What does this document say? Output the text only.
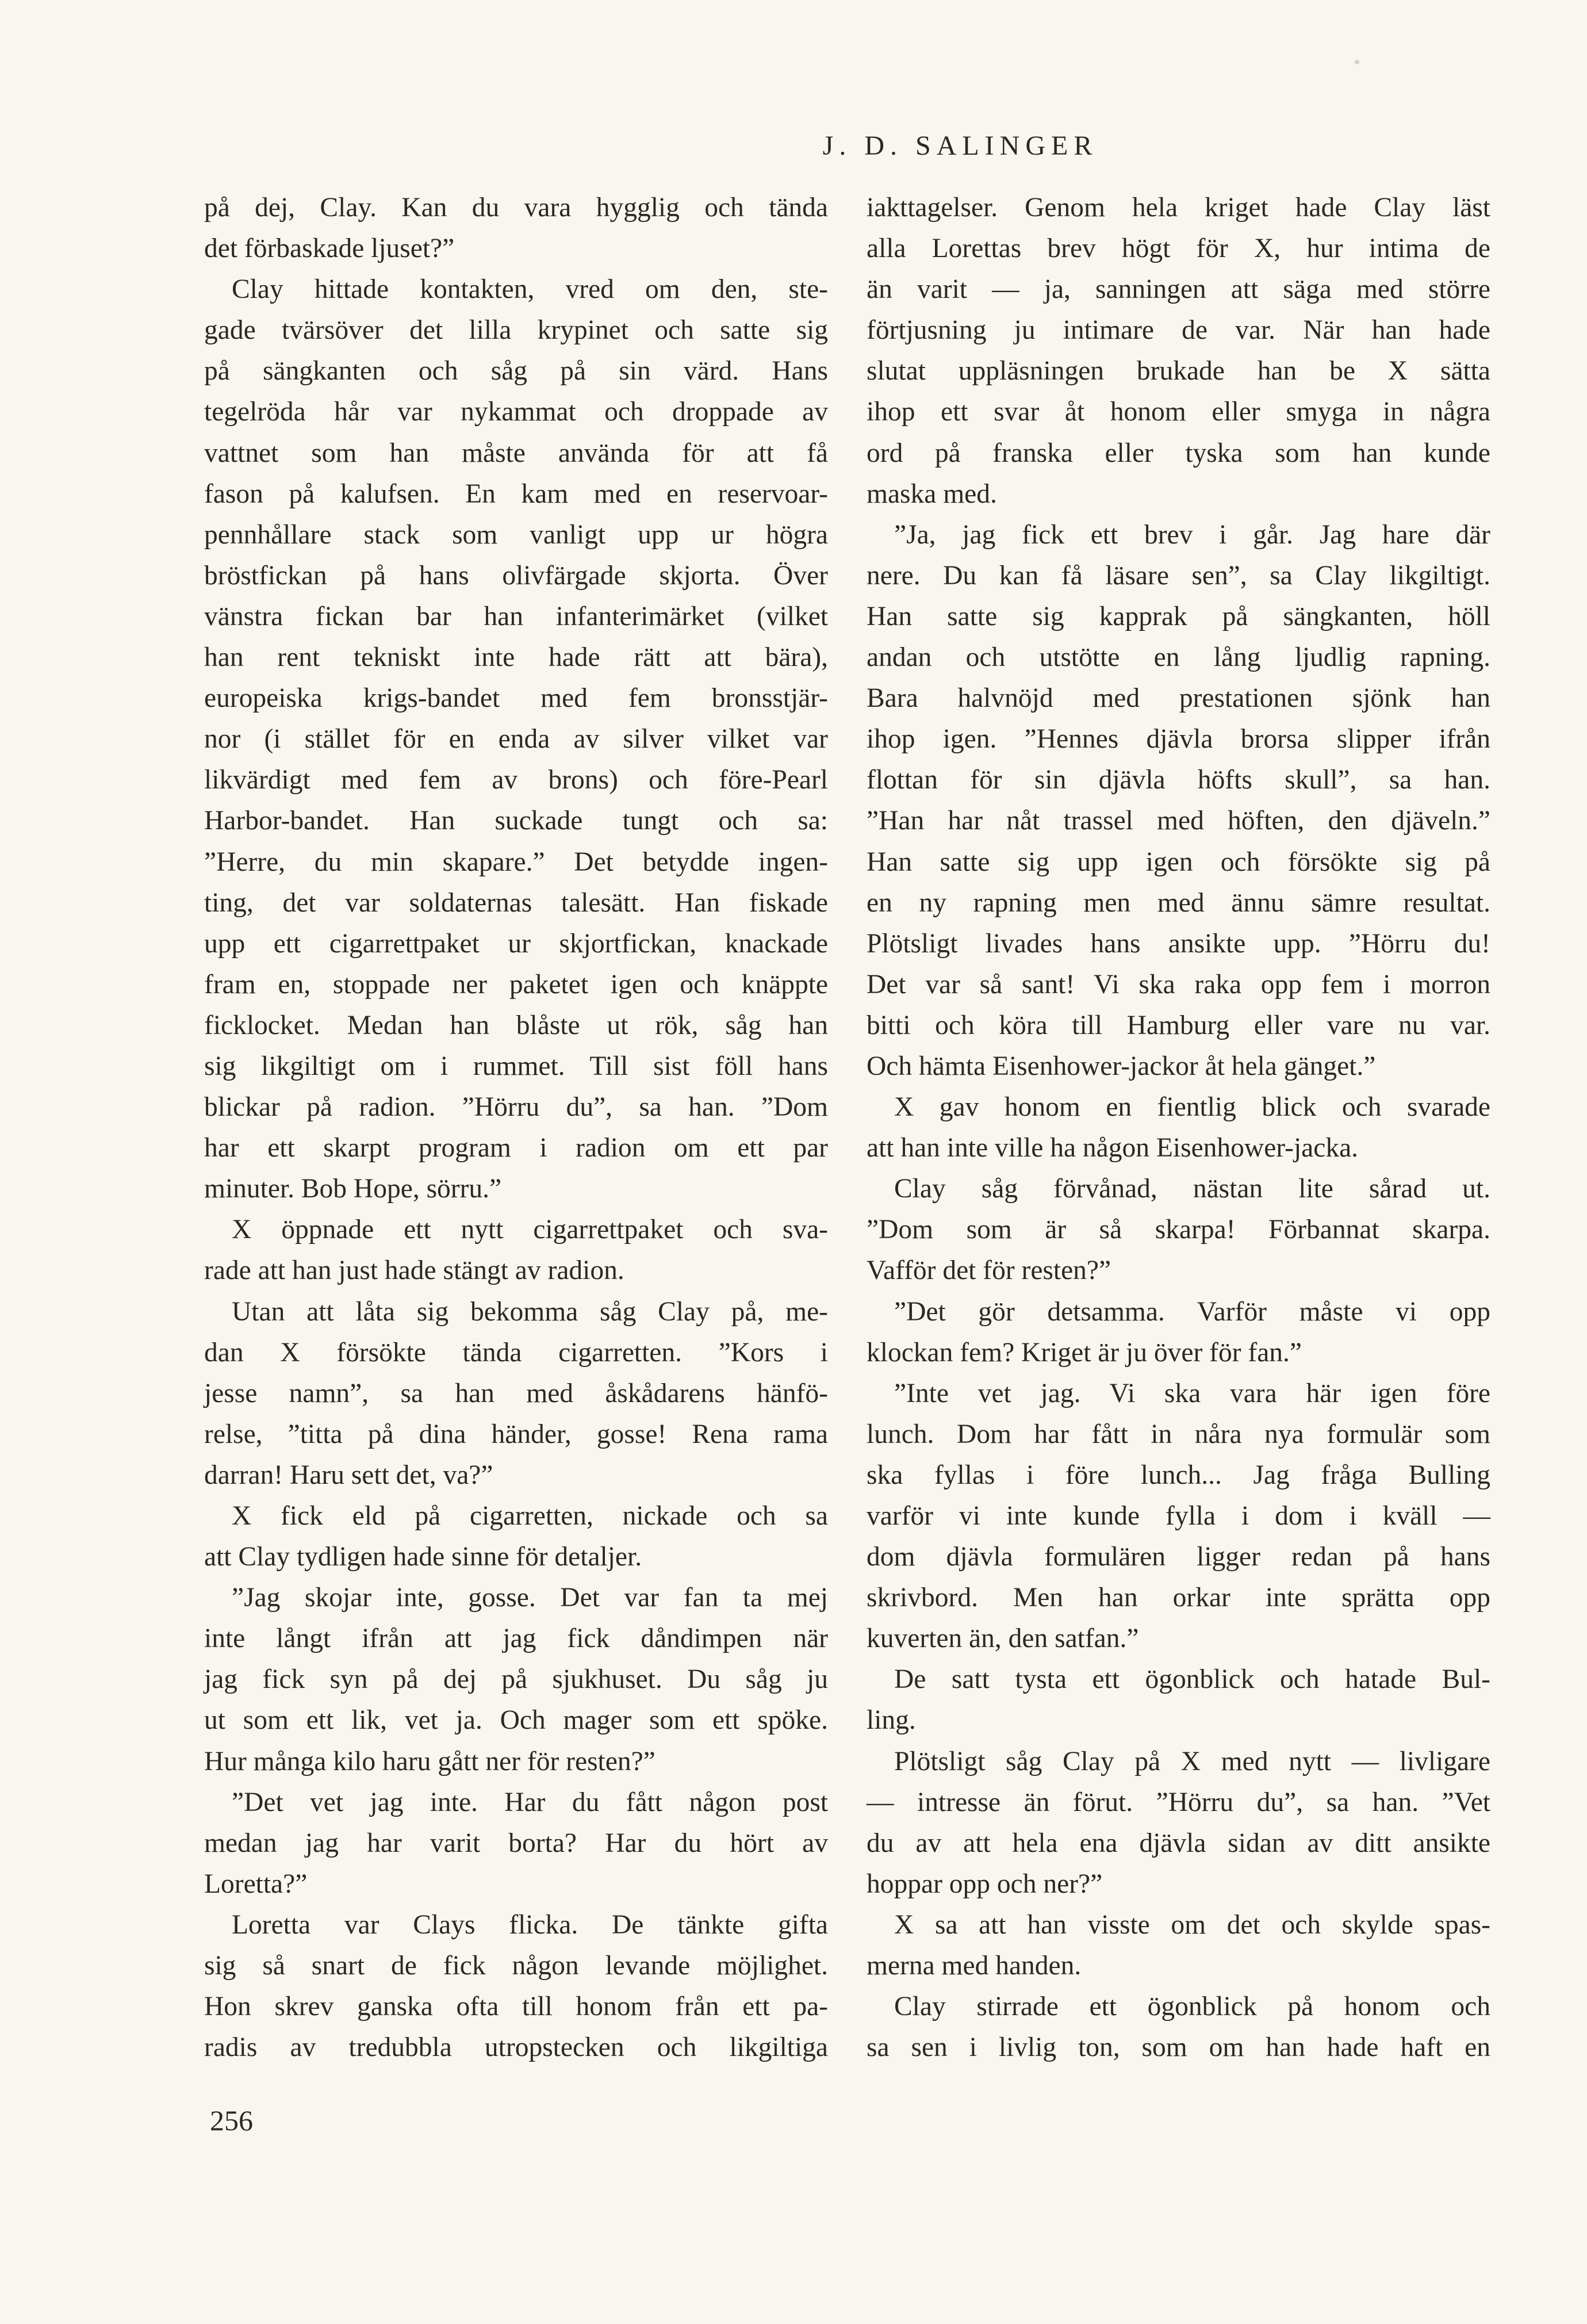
J. D. SALINGER
på dej, Clay. Kan du vara hygglig och tända
det förbaskade ljuset?”
Clay hittade kontakten, vred om den, ste-
gade tvärsöver det lilla krypinet och satte sig
på sängkanten och såg på sin värd. Hans
tegelröda hår var nykammat och droppade av
vattnet som han måste använda för att få
fason på kalufsen. En kam med en reservoar-
pennhållare stack som vanligt upp ur högra
bröstfickan på hans olivfärgade skjorta. Över
vänstra fickan bar han infanterimärket (vilket
han rent tekniskt inte hade rätt att bära),
europeiska krigs-bandet med fem bronsstjär-
nor (i stället för en enda av silver vilket var
likvärdigt med fem av brons) och före-Pearl
Harbor-bandet. Han suckade tungt och sa:
”Herre, du min skapare.” Det betydde ingen-
ting, det var soldaternas talesätt. Han fiskade
upp ett cigarrettpaket ur skjortfickan, knackade
fram en, stoppade ner paketet igen och knäppte
ficklocket. Medan han blåste ut rök, såg han
sig likgiltigt om i rummet. Till sist föll hans
blickar på radion. ”Hörru du”, sa han. ”Dom
har ett skarpt program i radion om ett par
minuter. Bob Hope, sörru.”
X öppnade ett nytt cigarrettpaket och sva-
rade att han just hade stängt av radion.
Utan att låta sig bekomma såg Clay på, me-
dan X försökte tända cigarretten. ”Kors i
jesse namn”, sa han med åskådarens hänfö-
relse, ”titta på dina händer, gosse! Rena rama
darran! Haru sett det, va?”
X fick eld på cigarretten, nickade och sa
att Clay tydligen hade sinne för detaljer.
”Jag skojar inte, gosse. Det var fan ta mej
inte långt ifrån att jag fick dåndimpen när
jag fick syn på dej på sjukhuset. Du såg ju
ut som ett lik, vet ja. Och mager som ett spöke.
Hur många kilo haru gått ner för resten?”
”Det vet jag inte. Har du fått någon post
medan jag har varit borta? Har du hört av
Loretta?”
Loretta var Clays flicka. De tänkte gifta
sig så snart de fick någon levande möjlighet.
Hon skrev ganska ofta till honom från ett pa-
radis av tredubbla utropstecken och likgiltiga
iakttagelser. Genom hela kriget hade Clay läst
alla Lorettas brev högt för X, hur intima de
än varit — ja, sanningen att säga med större
förtjusning ju intimare de var. När han hade
slutat uppläsningen brukade han be X sätta
ihop ett svar åt honom eller smyga in några
ord på franska eller tyska som han kunde
maska med.
”Ja, jag fick ett brev i går. Jag hare där
nere. Du kan få läsare sen”, sa Clay likgiltigt.
Han satte sig kapprak på sängkanten, höll
andan och utstötte en lång ljudlig rapning.
Bara halvnöjd med prestationen sjönk han
ihop igen. ”Hennes djävla brorsa slipper ifrån
flottan för sin djävla höfts skull”, sa han.
”Han har nåt trassel med höften, den djäveln.”
Han satte sig upp igen och försökte sig på
en ny rapning men med ännu sämre resultat.
Plötsligt livades hans ansikte upp. ”Hörru du!
Det var så sant! Vi ska raka opp fem i morron
bitti och köra till Hamburg eller vare nu var.
Och hämta Eisenhower-jackor åt hela gänget.”
X gav honom en fientlig blick och svarade
att han inte ville ha någon Eisenhower-jacka.
Clay såg förvånad, nästan lite sårad ut.
”Dom som är så skarpa! Förbannat skarpa.
Vafför det för resten?”
”Det gör detsamma. Varför måste vi opp
klockan fem? Kriget är ju över för fan.”
”Inte vet jag. Vi ska vara här igen före
lunch. Dom har fått in nåra nya formulär som
ska fyllas i före lunch... Jag fråga Bulling
varför vi inte kunde fylla i dom i kväll —
dom djävla formulären ligger redan på hans
skrivbord. Men han orkar inte sprätta opp
kuverten än, den satfan.”
De satt tysta ett ögonblick och hatade Bul-
ling.
Plötsligt såg Clay på X med nytt — livligare
— intresse än förut. ”Hörru du”, sa han. ”Vet
du av att hela ena djävla sidan av ditt ansikte
hoppar opp och ner?”
X sa att han visste om det och skylde spas-
merna med handen.
Clay stirrade ett ögonblick på honom och
sa sen i livlig ton, som om han hade haft en
256
